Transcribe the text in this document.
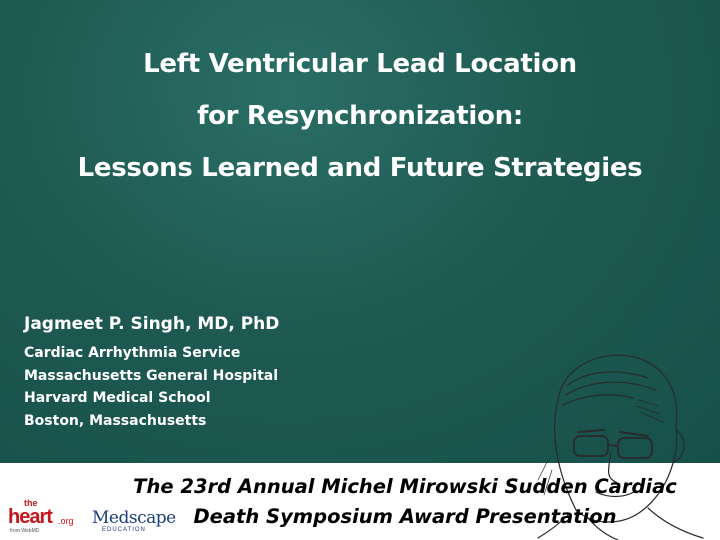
Left Ventricular Lead Location
for Resynchronization:
Lessons Learned and Future Strategies
Jagmeet P. Singh, MD, PhD
Cardiac Arrhythmia Service
Massachusetts General Hospital
Harvard Medical School
Boston, Massachusetts
The 23rd Annual Michel Mirowski Sudden Cardiac
Death Symposium Award Presentation
the
heart .org
from WebMD
Medscape
EDUCATION
